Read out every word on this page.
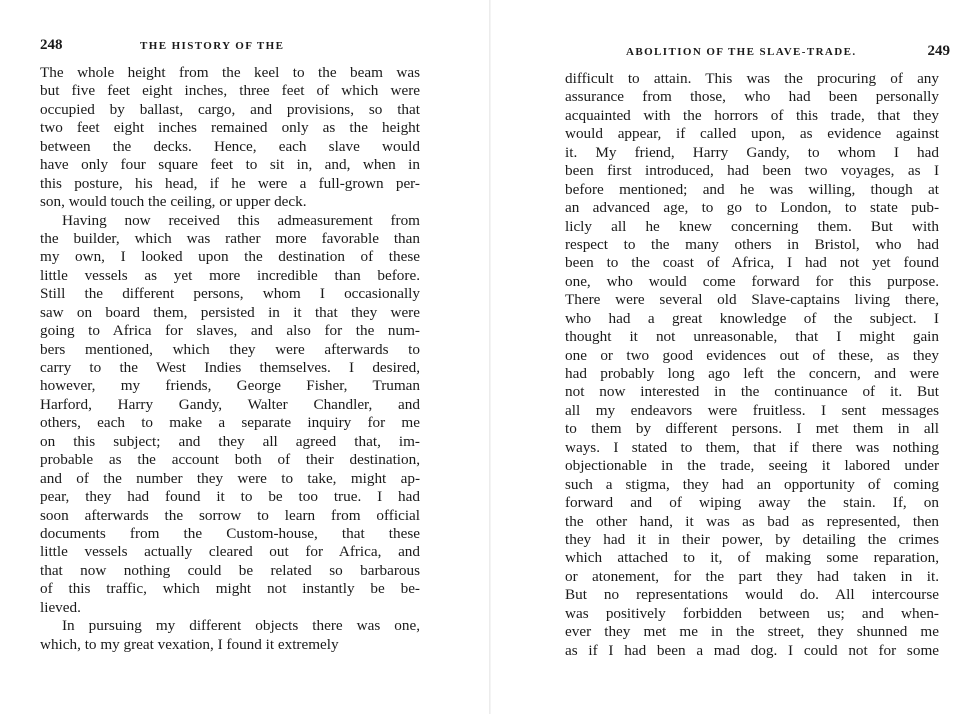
248	THE HISTORY OF THE
The whole height from the keel to the beam was
but five feet eight inches, three feet of which were
occupied by ballast, cargo, and provisions, so that
two feet eight inches remained only as the height
between the decks. Hence, each slave would
have only four square feet to sit in, and, when in
this posture, his head, if he were a full-grown per-
son, would touch the ceiling, or upper deck.
Having now received this admeasurement from
the builder, which was rather more favorable than
my own, I looked upon the destination of these
little vessels as yet more incredible than before.
Still the different persons, whom I occasionally
saw on board them, persisted in it that they were
going to Africa for slaves, and also for the num-
bers mentioned, which they were afterwards to
carry to the West Indies themselves. I desired,
however, my friends, George Fisher, Truman
Harford, Harry Gandy, Walter Chandler, and
others, each to make a separate inquiry for me
on this subject; and they all agreed that, im-
probable as the account both of their destination,
and of the number they were to take, might ap-
pear, they had found it to be too true. I had
soon afterwards the sorrow to learn from official
documents from the Custom-house, that these
little vessels actually cleared out for Africa, and
that now nothing could be related so barbarous
of this traffic, which might not instantly be be-
lieved.
In pursuing my different objects there was one,
which, to my great vexation, I found it extremely
ABOLITION OF THE SLAVE-TRADE.	249
difficult to attain. This was the procuring of any
assurance from those, who had been personally
acquainted with the horrors of this trade, that they
would appear, if called upon, as evidence against
it. My friend, Harry Gandy, to whom I had
been first introduced, had been two voyages, as I
before mentioned; and he was willing, though at
an advanced age, to go to London, to state pub-
licly all he knew concerning them. But with
respect to the many others in Bristol, who had
been to the coast of Africa, I had not yet found
one, who would come forward for this purpose.
There were several old Slave-captains living there,
who had a great knowledge of the subject. I
thought it not unreasonable, that I might gain
one or two good evidences out of these, as they
had probably long ago left the concern, and were
not now interested in the continuance of it. But
all my endeavors were fruitless. I sent messages
to them by different persons. I met them in all
ways. I stated to them, that if there was nothing
objectionable in the trade, seeing it labored under
such a stigma, they had an opportunity of coming
forward and of wiping away the stain. If, on
the other hand, it was as bad as represented, then
they had it in their power, by detailing the crimes
which attached to it, of making some reparation,
or atonement, for the part they had taken in it.
But no representations would do. All intercourse
was positively forbidden between us; and when-
ever they met me in the street, they shunned me
as if I had been a mad dog. I could not for some
